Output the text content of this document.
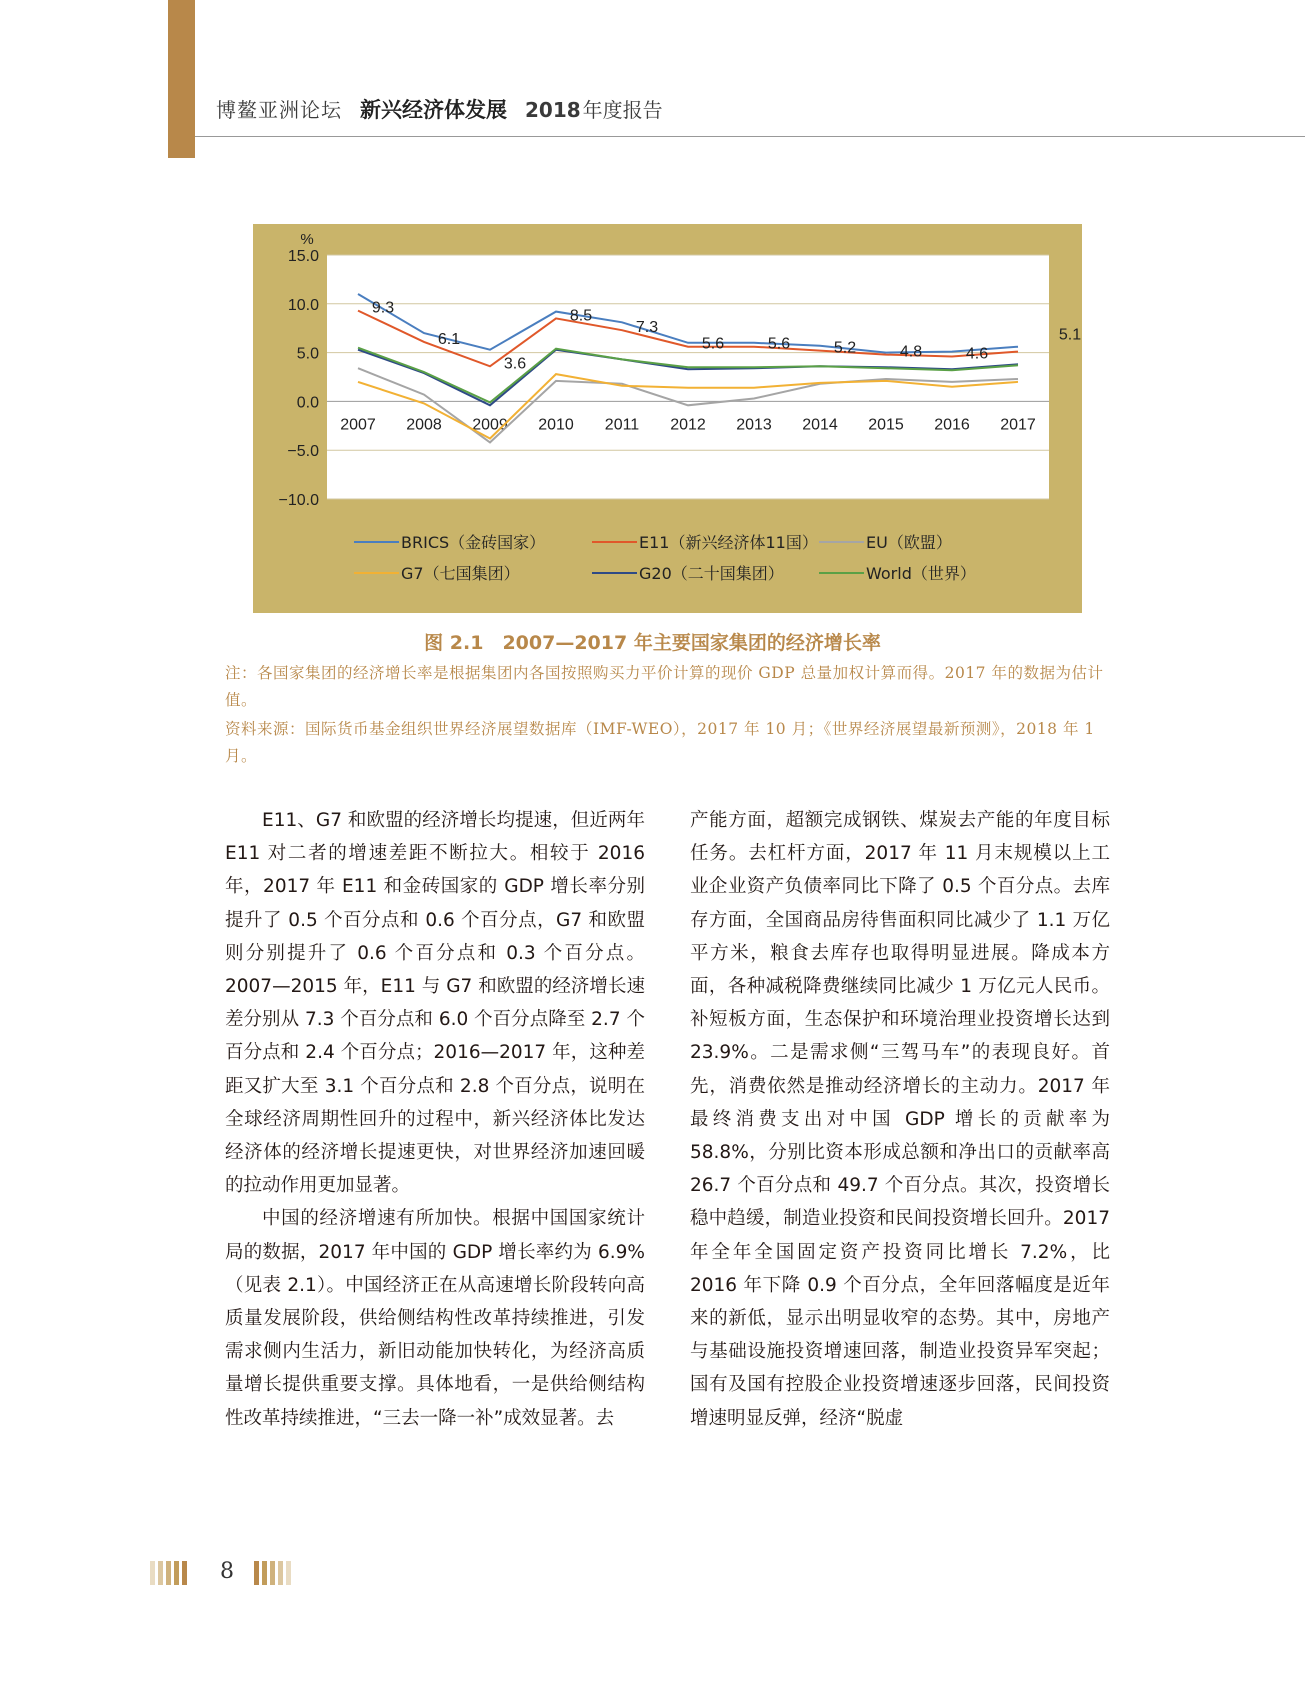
博鳌亚洲论坛 新兴经济体发展 2018 年度报告
15.0
10.0
5.0
0.0
−5.0
−10.0
%
2007 2008 2009 2010 2011 2012 2013 2014 2015 2016 2017
9.3
6.1
3.6
8.5
7.3
5.6	5.6	5.2	4.8	4.6
5.1
BRICS（金砖国家）	E11（新兴经济体11国）	EU（欧盟）
G7（七国集团）	G20（二十国集团）	World（世界）
图 2.1　2007—2017 年主要国家集团的经济增长率
注：各国家集团的经济增长率是根据集团内各国按照购买力平价计算的现价 GDP 总量加权计算而得。2017 年的数据为估计值。
资料来源：国际货币基金组织世界经济展望数据库（IMF-WEO），2017 年 10 月；《世界经济展望最新预测》，2018 年 1 月。

E11、G7 和欧盟的经济增长均提速，但近两年 E11 对二者的增速差距不断拉大。相较于 2016 年，2017 年 E11 和金砖国家的 GDP 增长率分别提升了 0.5 个百分点和 0.6 个百分点，G7 和欧盟则分别提升了 0.6 个百分点和 0.3 个百分点。2007—2015 年，E11 与 G7 和欧盟的经济增长速差分别从 7.3 个百分点和 6.0 个百分点降至 2.7 个百分点和 2.4 个百分点；2016—2017 年，这种差距又扩大至 3.1 个百分点和 2.8 个百分点，说明在全球经济周期性回升的过程中，新兴经济体比发达经济体的经济增长提速更快，对世界经济加速回暖的拉动作用更加显著。

中国的经济增速有所加快。根据中国国家统计局的数据，2017 年中国的 GDP 增长率约为 6.9%（见表 2.1）。中国经济正在从高速增长阶段转向高质量发展阶段，供给侧结构性改革持续推进，引发需求侧内生活力，新旧动能加快转化，为经济高质量增长提供重要支撑。具体地看，一是供给侧结构性改革持续推进，“三去一降一补”成效显著。去

产能方面，超额完成钢铁、煤炭去产能的年度目标任务。去杠杆方面，2017 年 11 月末规模以上工业企业资产负债率同比下降了 0.5 个百分点。去库存方面，全国商品房待售面积同比减少了 1.1 万亿平方米，粮食去库存也取得明显进展。降成本方面，各种减税降费继续同比减少 1 万亿元人民币。补短板方面，生态保护和环境治理业投资增长达到 23.9%。二是需求侧“三驾马车”的表现良好。首先，消费依然是推动经济增长的主动力。2017 年最终消费支出对中国 GDP 增长的贡献率为 58.8%，分别比资本形成总额和净出口的贡献率高 26.7 个百分点和 49.7 个百分点。其次，投资增长稳中趋缓，制造业投资和民间投资增长回升。2017 年全年全国固定资产投资同比增长 7.2%，比 2016 年下降 0.9 个百分点，全年回落幅度是近年来的新低，显示出明显收窄的态势。其中，房地产与基础设施投资增速回落，制造业投资异军突起；国有及国有控股企业投资增速逐步回落，民间投资增速明显反弹，经济“脱虚

8
